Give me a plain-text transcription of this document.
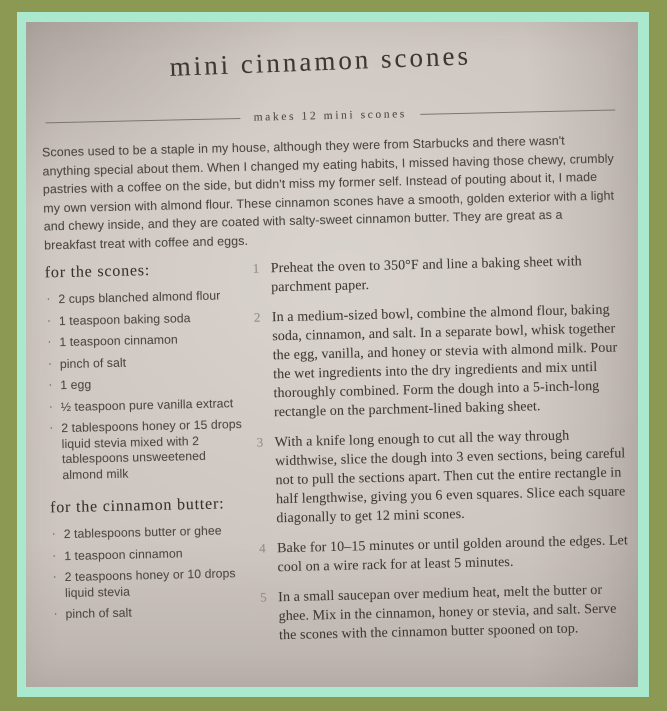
mini cinnamon scones
makes 12 mini scones

Scones used to be a staple in my house, although they were from Starbucks and there wasn't anything special about them. When I changed my eating habits, I missed having those chewy, crumbly pastries with a coffee on the side, but didn't miss my former self. Instead of pouting about it, I made my own version with almond flour. These cinnamon scones have a smooth, golden exterior with a light and chewy inside, and they are coated with salty-sweet cinnamon butter. They are great as a breakfast treat with coffee and eggs.

for the scones:
· 2 cups blanched almond flour
· 1 teaspoon baking soda
· 1 teaspoon cinnamon
· pinch of salt
· 1 egg
· ½ teaspoon pure vanilla extract
· 2 tablespoons honey or 15 drops liquid stevia mixed with 2 tablespoons unsweetened almond milk
for the cinnamon butter:
· 2 tablespoons butter or ghee
· 1 teaspoon cinnamon
· 2 teaspoons honey or 10 drops liquid stevia
· pinch of salt
1 Preheat the oven to 350°F and line a baking sheet with parchment paper.
2 In a medium-sized bowl, combine the almond flour, baking soda, cinnamon, and salt. In a separate bowl, whisk together the egg, vanilla, and honey or stevia with almond milk. Pour the wet ingredients into the dry ingredients and mix until thoroughly combined. Form the dough into a 5-inch-long rectangle on the parchment-lined baking sheet.
3 With a knife long enough to cut all the way through widthwise, slice the dough into 3 even sections, being careful not to pull the sections apart. Then cut the entire rectangle in half lengthwise, giving you 6 even squares. Slice each square diagonally to get 12 mini scones.
4 Bake for 10–15 minutes or until golden around the edges. Let cool on a wire rack for at least 5 minutes.
5 In a small saucepan over medium heat, melt the butter or ghee. Mix in the cinnamon, honey or stevia, and salt. Serve the scones with the cinnamon butter spooned on top.
